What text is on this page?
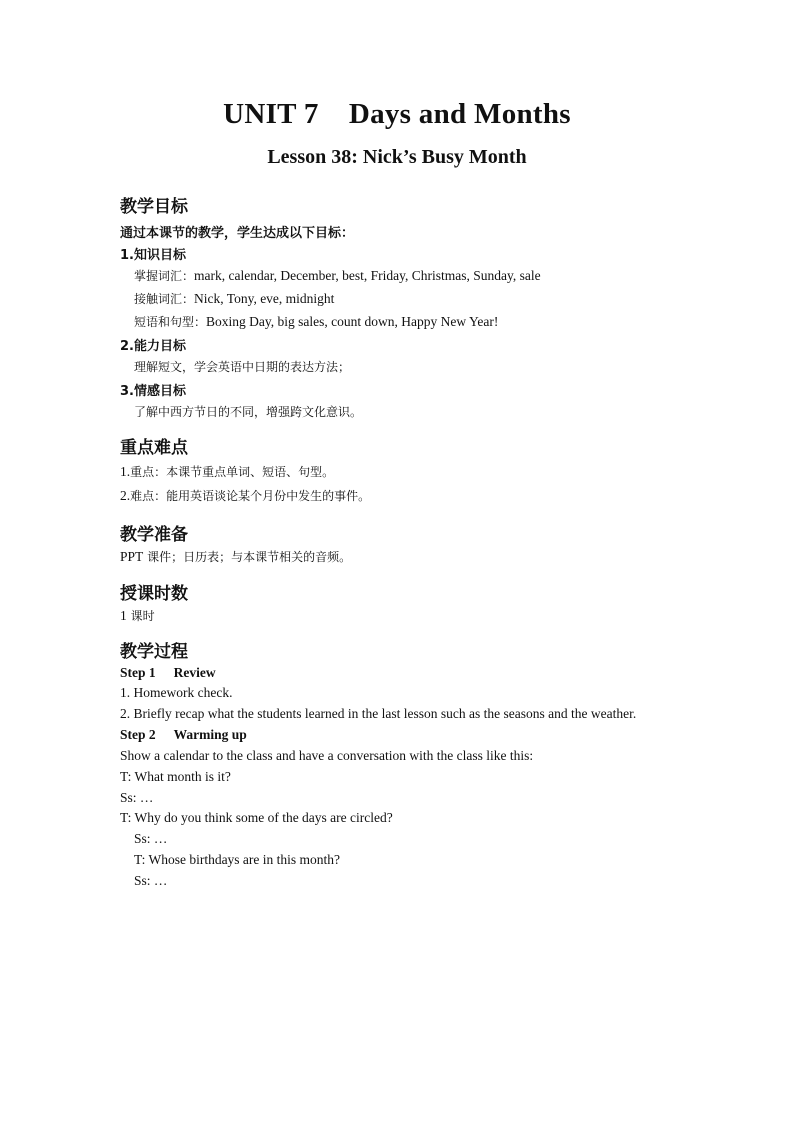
UNIT 7    Days and Months
Lesson 38: Nick’s Busy Month
教学目标
通过本课节的教学，学生达成以下目标：
1.知识目标
掌握词汇：mark, calendar, December, best, Friday, Christmas, Sunday, sale
接触词汇：Nick, Tony, eve, midnight
短语和句型：Boxing Day, big sales, count down, Happy New Year!
2.能力目标
理解短文，学会英语中日期的表达方法；
3.情感目标
了解中西方节日的不同，增强跨文化意识。
重点难点
1.重点：本课节重点单词、短语、句型。
2.难点：能用英语谈论某个月份中发生的事件。
教学准备
PPT 课件；日历表；与本课节相关的音频。
授课时数
1 课时
教学过程
Step 1 Review
1. Homework check.
2. Briefly recap what the students learned in the last lesson such as the seasons and the weather.
Step 2 Warming up
Show a calendar to the class and have a conversation with the class like this:
T: What month is it?
Ss: …
T: Why do you think some of the days are circled?
Ss: …
T: Whose birthdays are in this month?
Ss: …
